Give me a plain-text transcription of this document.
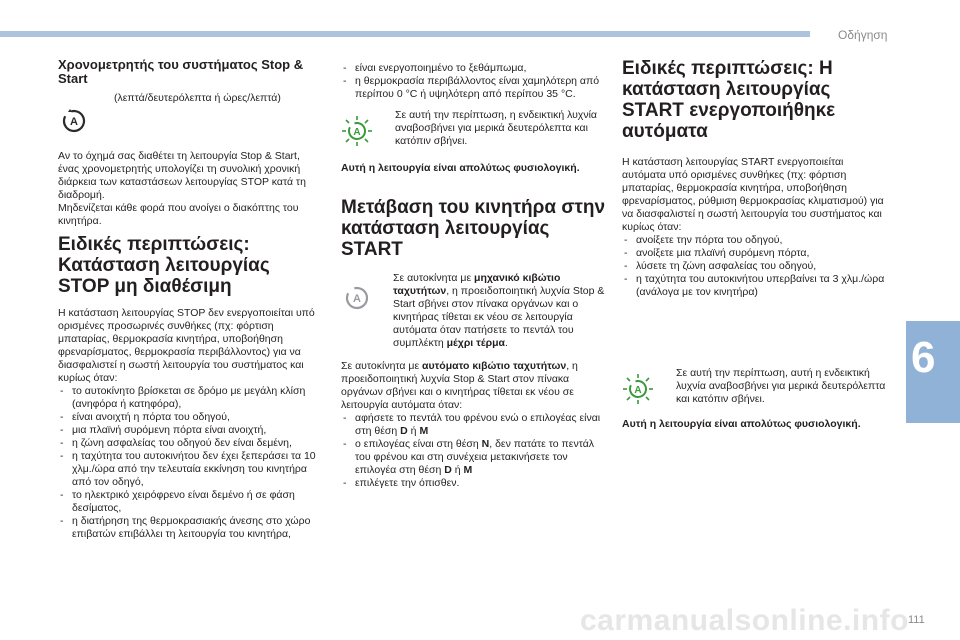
Οδήγηση
6
111
carmanualsonline.info
Χρονομετρητής του συστήματος Stop & Start
A

(λεπτά/δευτερόλεπτα ή ώρες/λεπτά)

Αν το όχημά σας διαθέτει τη λειτουργία Stop & Start, ένας χρονομετρητής υπολογίζει τη συνολική χρονική διάρκεια των καταστάσεων λειτουργίας STOP κατά τη διαδρομή.

Μηδενίζεται κάθε φορά που ανοίγει ο διακόπτης του κινητήρα.

Ειδικές περιπτώσεις: Κατάσταση λειτουργίας STOP μη διαθέσιμη

Η κατάσταση λειτουργίας STOP δεν ενεργοποιείται υπό ορισμένες προσωρινές συνθήκες (πχ: φόρτιση μπαταρίας, θερμοκρασία κινητήρα, υποβοήθηση φρεναρίσματος, θερμοκρασία περιβάλλοντος) για να διασφαλιστεί η σωστή λειτουργία του συστήματος και κυρίως όταν:

- το αυτοκίνητο βρίσκεται σε δρόμο με μεγάλη κλίση (ανηφόρα ή κατηφόρα),
- είναι ανοιχτή η πόρτα του οδηγού,
- μια πλαϊνή συρόμενη πόρτα είναι ανοιχτή,
- η ζώνη ασφαλείας του οδηγού δεν είναι δεμένη,
- η ταχύτητα του αυτοκινήτου δεν έχει ξεπεράσει τα 10 χλμ./ώρα από την τελευταία εκκίνηση του κινητήρα από τον οδηγό,
- το ηλεκτρικό χειρόφρενο είναι δεμένο ή σε φάση δεσίματος,
- η διατήρηση της θερμοκρασιακής άνεσης στο χώρο επιβατών επιβάλλει τη λειτουργία του κινητήρα,
- είναι ενεργοποιημένο το ξεθάμπωμα,
- η θερμοκρασία περιβάλλοντος είναι χαμηλότερη από περίπου 0 °C ή υψηλότερη από περίπου 35 °C.
A

Σε αυτή την περίπτωση, η ενδεικτική λυχνία αναβοσβήνει για μερικά δευτερόλεπτα και κατόπιν σβήνει.

Αυτή η λειτουργία είναι απολύτως φυσιολογική.

Μετάβαση του κινητήρα στην κατάσταση λειτουργίας START
A

Σε αυτοκίνητα με μηχανικό κιβώτιο ταχυτήτων, η προειδοποιητική λυχνία Stop & Start σβήνει στον πίνακα οργάνων και ο κινητήρας τίθεται εκ νέου σε λειτουργία αυτόματα όταν πατήσετε το πεντάλ του συμπλέκτη μέχρι τέρμα.

Σε αυτοκίνητα με αυτόματο κιβώτιο ταχυτήτων, η προειδοποιητική λυχνία Stop & Start στον πίνακα οργάνων σβήνει και ο κινητήρας τίθεται εκ νέου σε λειτουργία αυτόματα όταν:

- αφήσετε το πεντάλ του φρένου ενώ ο επιλογέας είναι στη θέση D ή M
- ο επιλογέας είναι στη θέση N, δεν πατάτε το πεντάλ του φρένου και στη συνέχεια μετακινήσετε τον επιλογέα στη θέση D ή M
- επιλέγετε την όπισθεν.
Ειδικές περιπτώσεις: Η κατάσταση λειτουργίας START ενεργοποιήθηκε αυτόματα

Η κατάσταση λειτουργίας START ενεργοποιείται αυτόματα υπό ορισμένες συνθήκες (πχ: φόρτιση μπαταρίας, θερμοκρασία κινητήρα, υποβοήθηση φρεναρίσματος, ρύθμιση θερμοκρασίας κλιματισμού) για να διασφαλιστεί η σωστή λειτουργία του συστήματος και κυρίως όταν:

- ανοίξετε την πόρτα του οδηγού,
- ανοίξετε μια πλαϊνή συρόμενη πόρτα,
- λύσετε τη ζώνη ασφαλείας του οδηγού,
- η ταχύτητα του αυτοκινήτου υπερβαίνει τα 3 χλμ./ώρα (ανάλογα με τον κινητήρα)
A

Σε αυτή την περίπτωση, αυτή η ενδεικτική λυχνία αναβοσβήνει για μερικά δευτερόλεπτα και κατόπιν σβήνει.

Αυτή η λειτουργία είναι απολύτως φυσιολογική.
